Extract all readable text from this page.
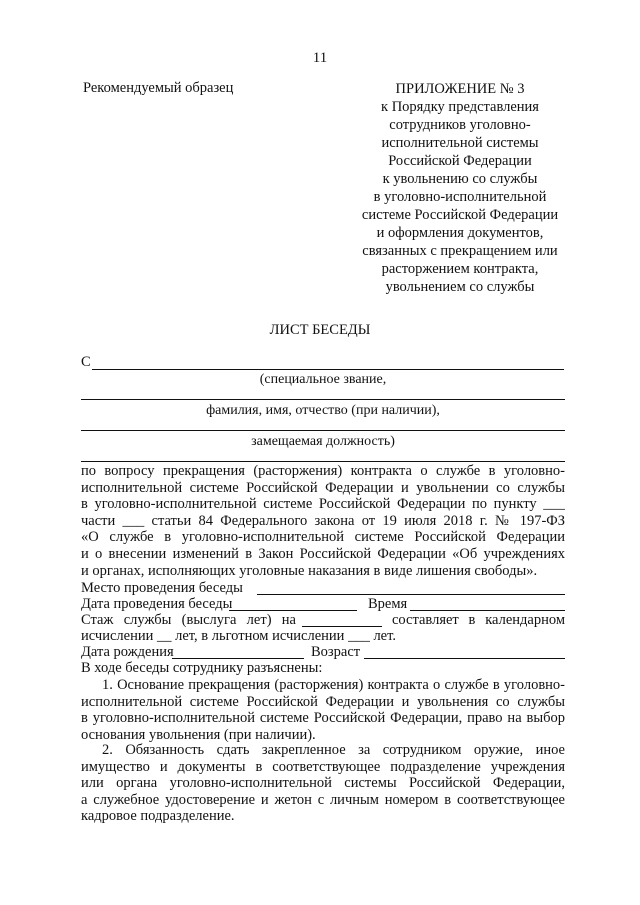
11
Рекомендуемый образец	ПРИЛОЖЕНИЕ № 3
к Порядку представления
сотрудников уголовно-
исполнительной системы
Российской Федерации
к увольнению со службы
в уголовно-исполнительной
системе Российской Федерации
и оформления документов,
связанных с прекращением или
расторжением контракта,
увольнением со службы
ЛИСТ БЕСЕДЫ
С
(специальное звание,
фамилия, имя, отчество (при наличии),
замещаемая должность)
по вопросу прекращения (расторжения) контракта о службе в уголовно-
исполнительной системе Российской Федерации и увольнении со службы
в уголовно-исполнительной системе Российской Федерации по пункту ___
части ___ статьи 84 Федерального закона от 19 июля 2018 г. № 197-ФЗ
«О службе в уголовно-исполнительной системе Российской Федерации
и о внесении изменений в Закон Российской Федерации «Об учреждениях
и органах, исполняющих уголовные наказания в виде лишения свободы».
Место проведения беседы
Дата проведения беседы	Время
Стаж службы (выслуга лет) на	составляет в календарном
исчислении __ лет, в льготном исчислении ___ лет.
Дата рождения	Возраст
В ходе беседы сотруднику разъяснены:
1. Основание прекращения (расторжения) контракта о службе в уголовно-
исполнительной системе Российской Федерации и увольнения со службы
в уголовно-исполнительной системе Российской Федерации, право на выбор
основания увольнения (при наличии).
2. Обязанность сдать закрепленное за сотрудником оружие, иное
имущество и документы в соответствующее подразделение учреждения
или органа уголовно-исполнительной системы Российской Федерации,
а служебное удостоверение и жетон с личным номером в соответствующее
кадровое подразделение.
